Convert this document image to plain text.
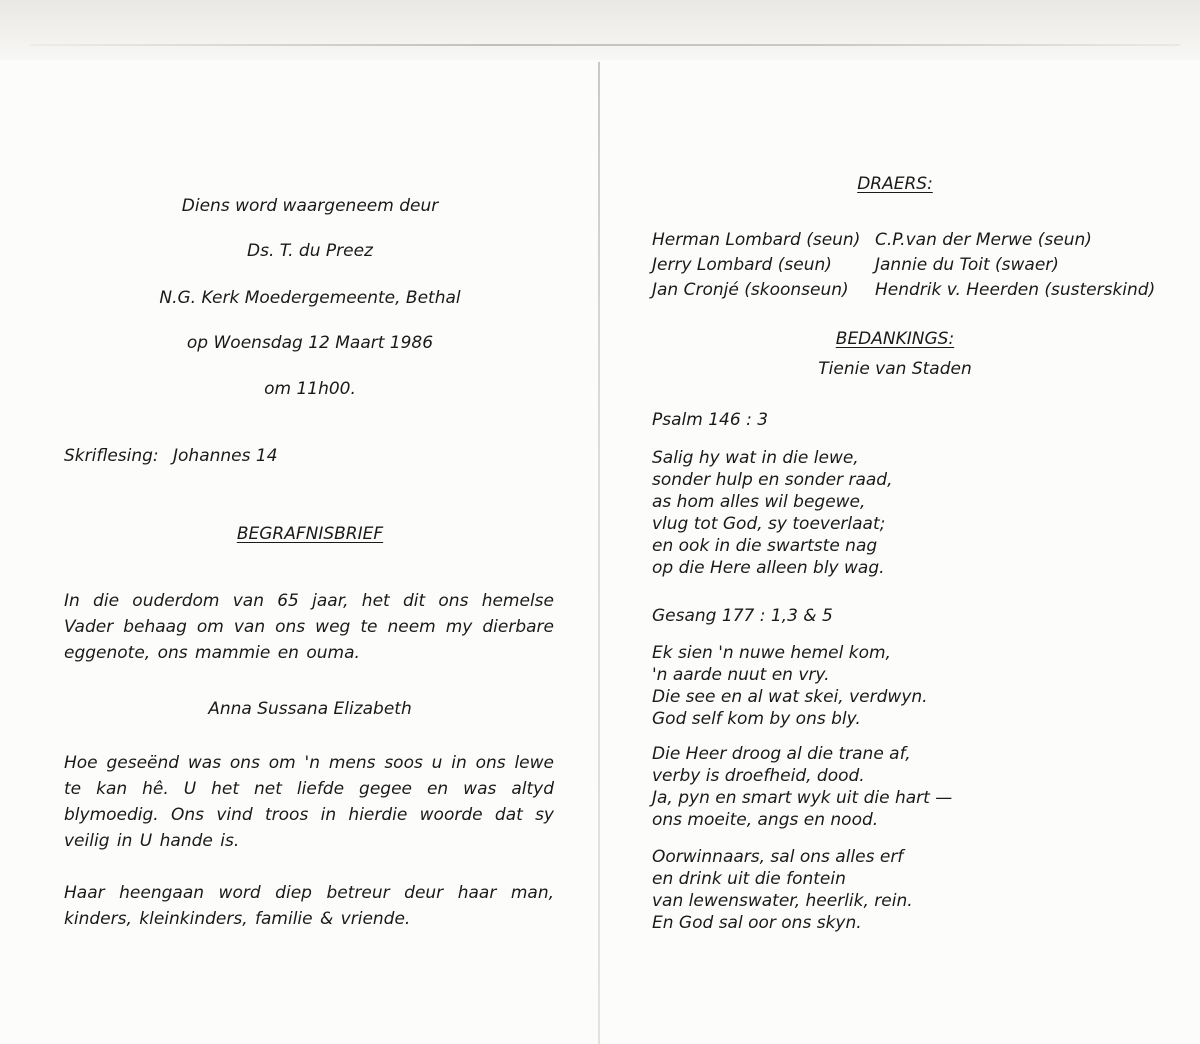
Diens word waargeneem deur
Ds. T. du Preez
N.G. Kerk Moedergemeente, Bethal
op Woensdag 12 Maart 1986
om 11h00.
Skriflesing: Johannes 14
BEGRAFNISBRIEF
In die ouderdom van 65 jaar, het dit ons hemelse Vader behaag om van ons weg te neem my dierbare eggenote, ons mammie en ouma.
Anna Sussana Elizabeth
Hoe geseënd was ons om 'n mens soos u in ons lewe te kan hê. U het net liefde gegee en was altyd blymoedig. Ons vind troos in hierdie woorde dat sy veilig in U hande is.
Haar heengaan word diep betreur deur haar man, kinders, kleinkinders, familie & vriende.
DRAERS:
Herman Lombard (seun)
Jerry Lombard (seun)
Jan Cronjé (skoonseun)
C.P.van der Merwe (seun)
Jannie du Toit (swaer)
Hendrik v. Heerden (susterskind)
BEDANKINGS:
Tienie van Staden
Psalm 146 : 3
Salig hy wat in die lewe,
sonder hulp en sonder raad,
as hom alles wil begewe,
vlug tot God, sy toeverlaat;
en ook in die swartste nag
op die Here alleen bly wag.
Gesang 177 : 1,3 & 5
Ek sien 'n nuwe hemel kom,
'n aarde nuut en vry.
Die see en al wat skei, verdwyn.
God self kom by ons bly.
Die Heer droog al die trane af,
verby is droefheid, dood.
Ja, pyn en smart wyk uit die hart —
ons moeite, angs en nood.
Oorwinnaars, sal ons alles erf
en drink uit die fontein
van lewenswater, heerlik, rein.
En God sal oor ons skyn.
